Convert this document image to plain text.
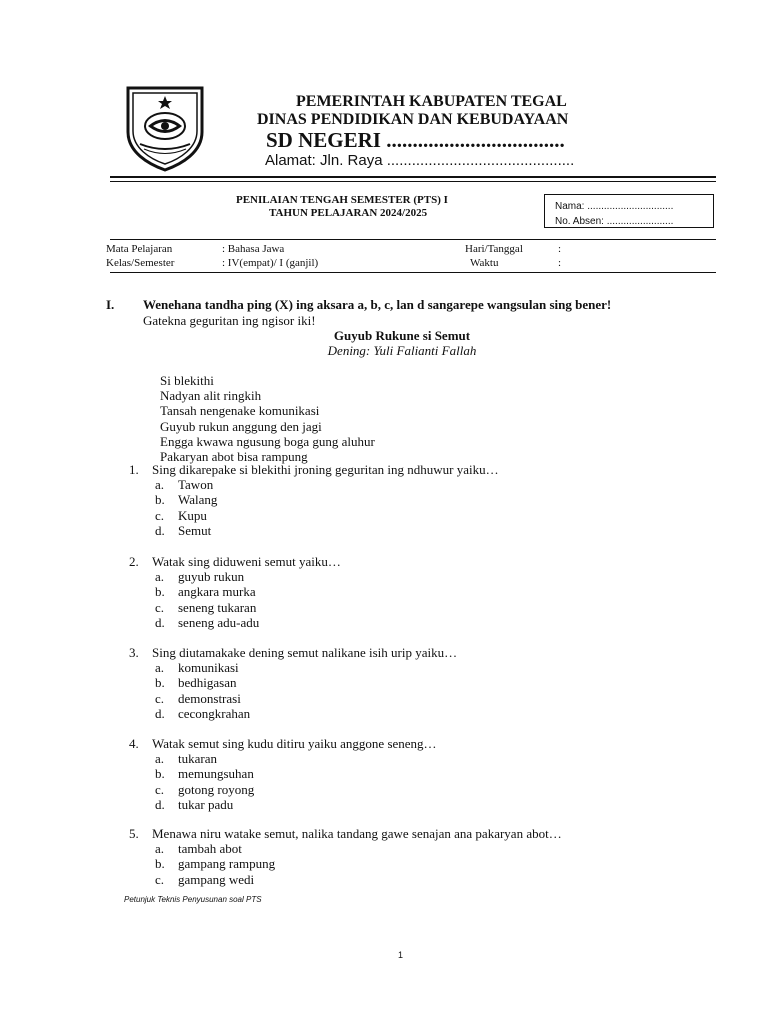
PEMERINTAH KABUPATEN TEGAL
DINAS PENDIDIKAN DAN KEBUDAYAAN
SD NEGERI ..................................
Alamat: Jln. Raya .............................................
PENILAIAN TENGAH SEMESTER (PTS) I
TAHUN PELAJARAN 2024/2025
Nama: ...............................
No. Absen: ........................
Mata Pelajaran	: Bahasa Jawa	Hari/Tanggal	:
Kelas/Semester	: IV(empat)/ I (ganjil)	Waktu	:
I. Wenehana tandha ping (X) ing aksara a, b, c, lan d sangarepe wangsulan sing bener!
Gatekna geguritan ing ngisor iki!
Guyub Rukune si Semut
Dening: Yuli Falianti Fallah
Si blekithi
Nadyan alit ringkih
Tansah nengenake komunikasi
Guyub rukun anggung den jagi
Engga kwawa ngusung boga gung aluhur
Pakaryan abot bisa rampung
1. Sing dikarepake si blekithi jroning geguritan ing ndhuwur yaiku…
a. Tawon
b. Walang
c. Kupu
d. Semut
2. Watak sing diduweni semut yaiku…
a. guyub rukun
b. angkara murka
c. seneng tukaran
d. seneng adu-adu
3. Sing diutamakake dening semut nalikane isih urip yaiku…
a. komunikasi
b. bedhigasan
c. demonstrasi
d. cecongkrahan
4. Watak semut sing kudu ditiru yaiku anggone seneng…
a. tukaran
b. memungsuhan
c. gotong royong
d. tukar padu
5. Menawa niru watake semut, nalika tandang gawe senajan ana pakaryan abot…
a. tambah abot
b. gampang rampung
c. gampang wedi
Petunjuk Teknis Penyusunan soal PTS
1
